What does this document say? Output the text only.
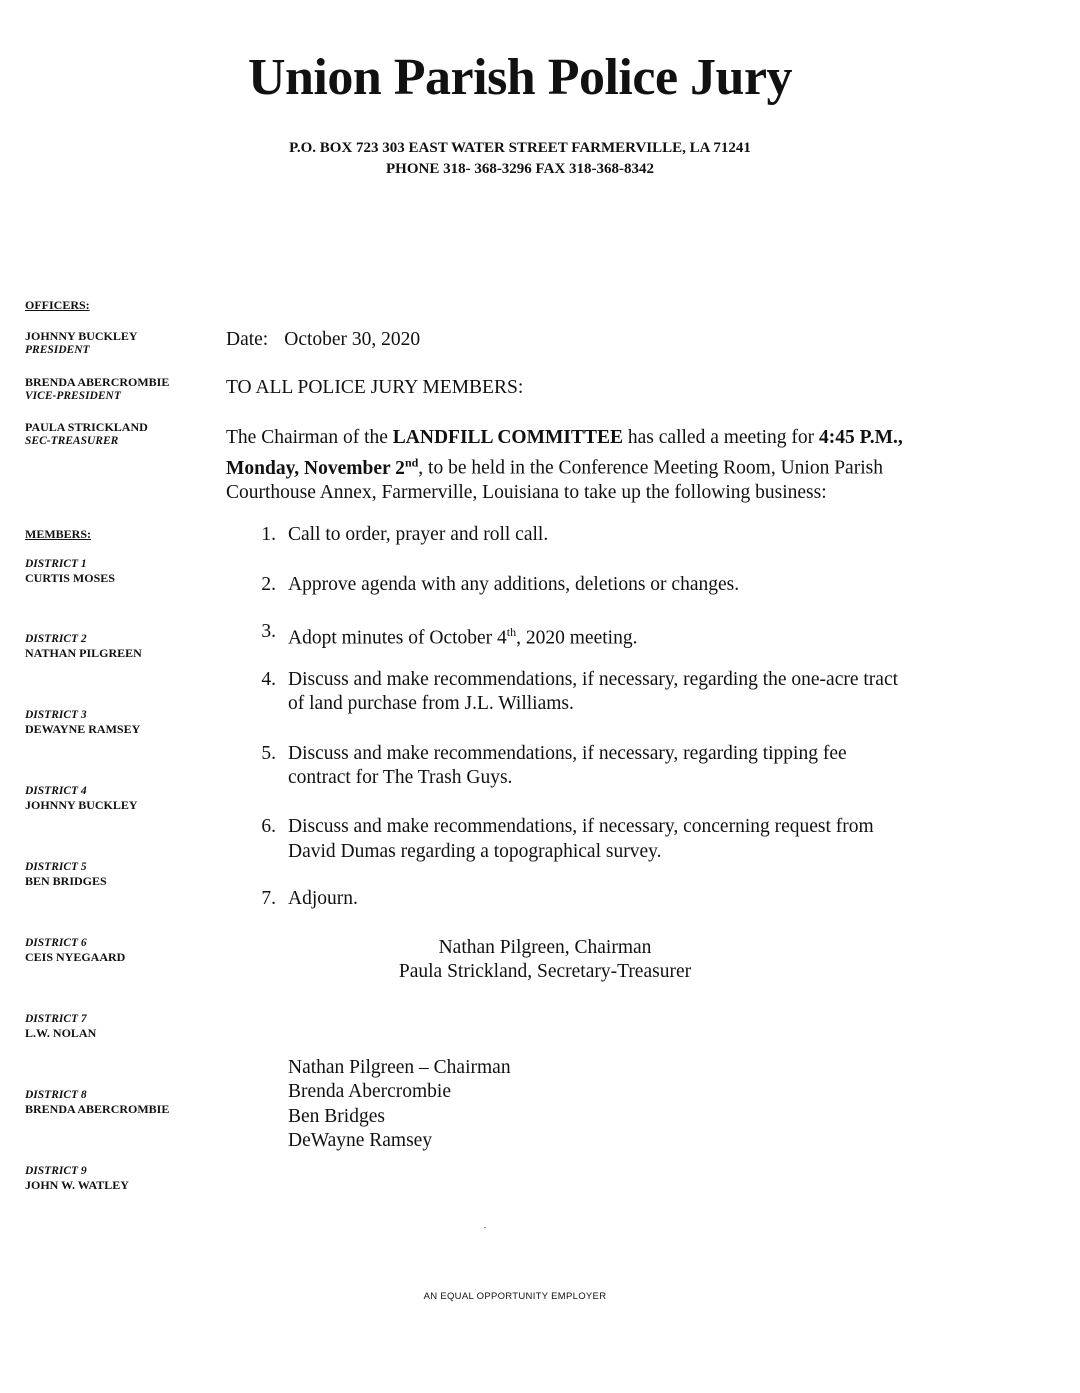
Union Parish Police Jury
P.O. BOX 723 303 EAST WATER STREET FARMERVILLE, LA 71241
PHONE 318- 368-3296 FAX 318-368-8342
OFFICERS:
JOHNNY BUCKLEY
PRESIDENT
BRENDA ABERCROMBIE
VICE-PRESIDENT
PAULA STRICKLAND
SEC-TREASURER
MEMBERS:
DISTRICT 1
CURTIS MOSES
DISTRICT 2
NATHAN PILGREEN
DISTRICT 3
DEWAYNE RAMSEY
DISTRICT 4
JOHNNY BUCKLEY
DISTRICT 5
BEN BRIDGES
DISTRICT 6
CEIS NYEGAARD
DISTRICT 7
L.W. NOLAN
DISTRICT 8
BRENDA ABERCROMBIE
DISTRICT 9
JOHN W. WATLEY
Date: October 30, 2020
TO ALL POLICE JURY MEMBERS:
The Chairman of the LANDFILL COMMITTEE has called a meeting for 4:45 P.M., Monday, November 2nd, to be held in the Conference Meeting Room, Union Parish Courthouse Annex, Farmerville, Louisiana to take up the following business:
1. Call to order, prayer and roll call.
2. Approve agenda with any additions, deletions or changes.
3. Adopt minutes of October 4th, 2020 meeting.
4. Discuss and make recommendations, if necessary, regarding the one-acre tract
of land purchase from J.L. Williams.
5. Discuss and make recommendations, if necessary, regarding tipping fee
contract for The Trash Guys.
6. Discuss and make recommendations, if necessary, concerning request from
David Dumas regarding a topographical survey.
7. Adjourn.
Nathan Pilgreen, Chairman
Paula Strickland, Secretary-Treasurer
Nathan Pilgreen – Chairman
Brenda Abercrombie
Ben Bridges
DeWayne Ramsey
AN EQUAL OPPORTUNITY EMPLOYER
